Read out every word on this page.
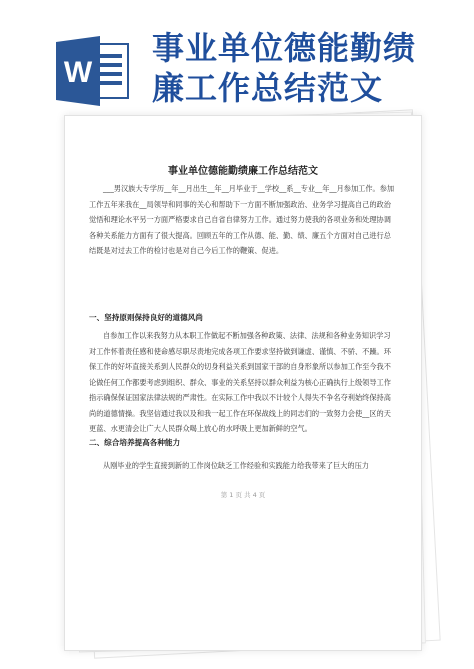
W
事业单位德能勤绩
廉工作总结范文
事业单位德能勤绩廉工作总结范文

___男汉族大专学历__年__月出生__年__月毕业于__学校__系__专业__年__月参加工作。参加工作五年来我在__局领导和同事的关心和帮助下一方面不断加强政治、业务学习提高自己的政治觉悟和理论水平另一方面严格要求自己自省自律努力工作。通过努力使我的各项业务和处理协调各种关系能力方面有了很大提高。回顾五年的工作从德、能、勤、绩、廉五个方面对自己进行总结既是对过去工作的检讨也是对自己今后工作的鞭策、促进。

一、坚持原则保持良好的道德风尚

自参加工作以来我努力从本职工作做起不断加强各种政策、法律、法规和各种业务知识学习对工作怀着责任感和使命感尽职尽责地完成各项工作要求坚持做到谦虚、谨慎、不骄、不躁。环保工作的好坏直接关系到人民群众的切身利益关系到国家干部的自身形象所以参加工作至今我不论做任何工作都要考虑到组织、群众、事业的关系坚持以群众利益为核心正确执行上级领导工作指示确保保证国家法律法规的严肃性。在实际工作中我以不计较个人得失不争名夺利始终保持高尚的道德情操。我坚信通过我以及和我一起工作在环保战线上的同志们的一致努力会使__区的天更蓝、水更清会让广大人民群众喝上放心的水呼吸上更加新鲜的空气。

二、综合培养提高各种能力

从刚毕业的学生直接到新的工作岗位缺乏工作经验和实践能力给我带来了巨大的压力

第 1 页 共 4 页
